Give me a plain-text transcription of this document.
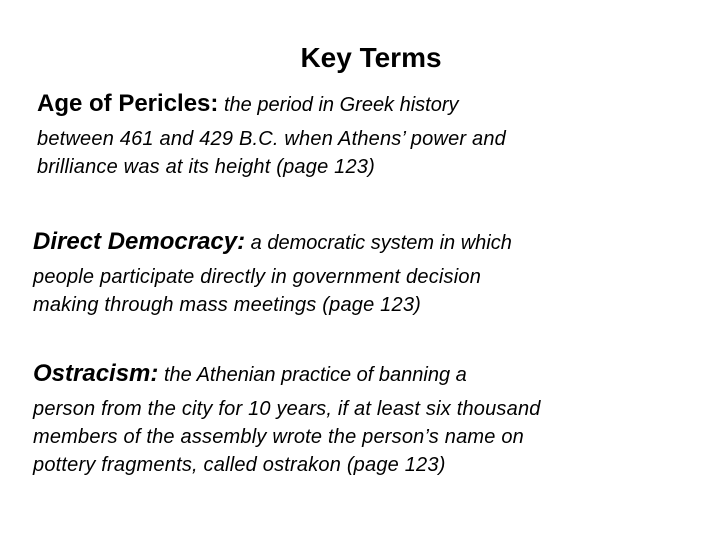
Key Terms
Age of Pericles: the period in Greek history
between 461 and 429 B.C. when Athens’ power and
brilliance was at its height (page 123)
Direct Democracy: a democratic system in which
people participate directly in government decision
making through mass meetings (page 123)
Ostracism: the Athenian practice of banning a
person from the city for 10 years, if at least six thousand
members of the assembly wrote the person’s name on
pottery fragments, called ostrakon (page 123)
